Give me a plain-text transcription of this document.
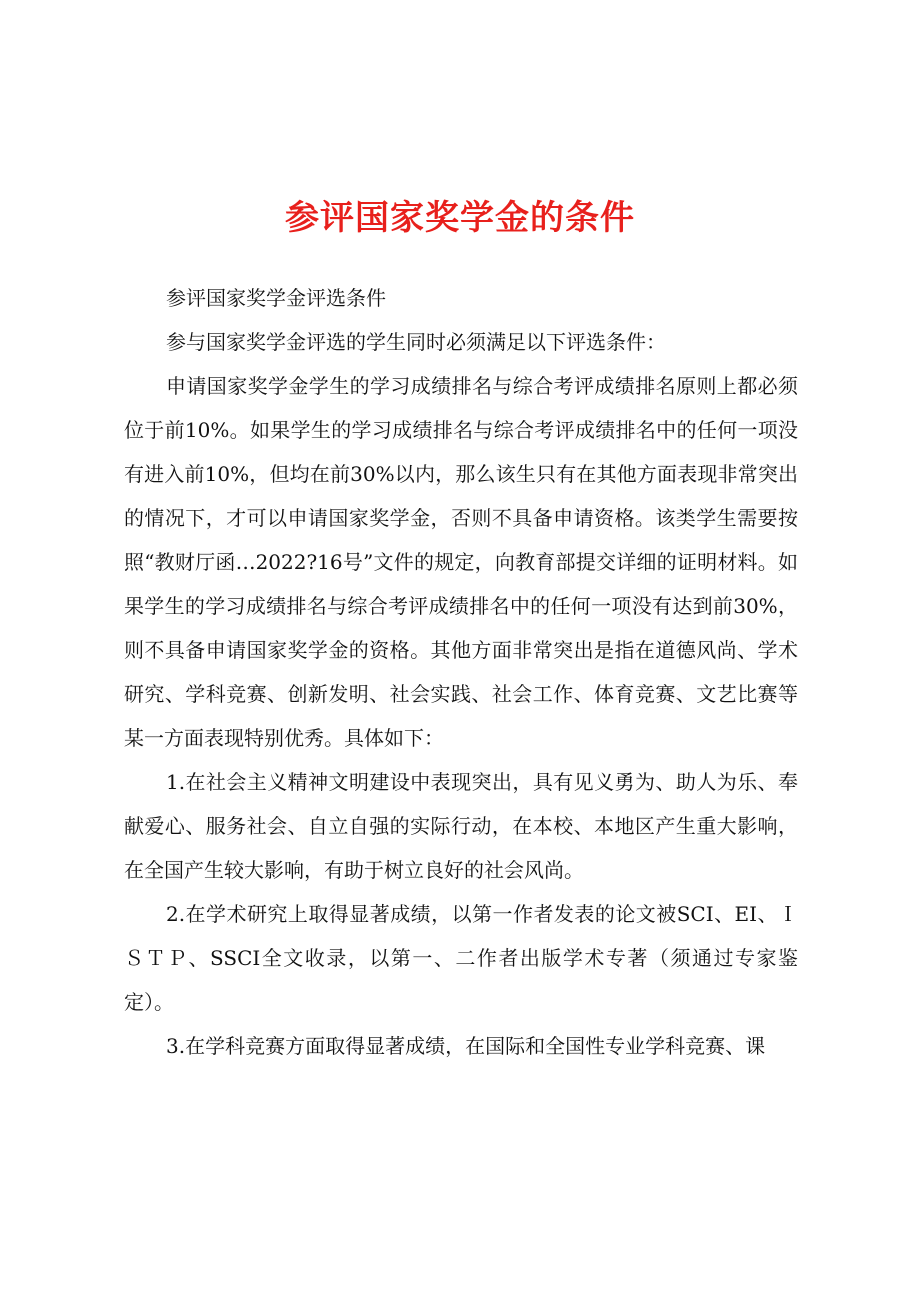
参评国家奖学金的条件

参评国家奖学金评选条件

参与国家奖学金评选的学生同时必须满足以下评选条件：

申请国家奖学金学生的学习成绩排名与综合考评成绩排名原则上都必须位于前10%。如果学生的学习成绩排名与综合考评成绩排名中的任何一项没有进入前10%，但均在前30%以内，那么该生只有在其他方面表现非常突出的情况下，才可以申请国家奖学金，否则不具备申请资格。该类学生需要按照“教财厅函…2022?16号”文件的规定，向教育部提交详细的证明材料。如果学生的学习成绩排名与综合考评成绩排名中的任何一项没有达到前30%，则不具备申请国家奖学金的资格。其他方面非常突出是指在道德风尚、学术研究、学科竞赛、创新发明、社会实践、社会工作、体育竞赛、文艺比赛等某一方面表现特别优秀。具体如下：

1.在社会主义精神文明建设中表现突出，具有见义勇为、助人为乐、奉献爱心、服务社会、自立自强的实际行动，在本校、本地区产生重大影响，在全国产生较大影响，有助于树立良好的社会风尚。

2.在学术研究上取得显著成绩，以第一作者发表的论文被SCI、EI、ＩＳＴＰ、SSCI全文收录，以第一、二作者出版学术专著（须通过专家鉴定）。

3.在学科竞赛方面取得显著成绩，在国际和全国性专业学科竞赛、课
